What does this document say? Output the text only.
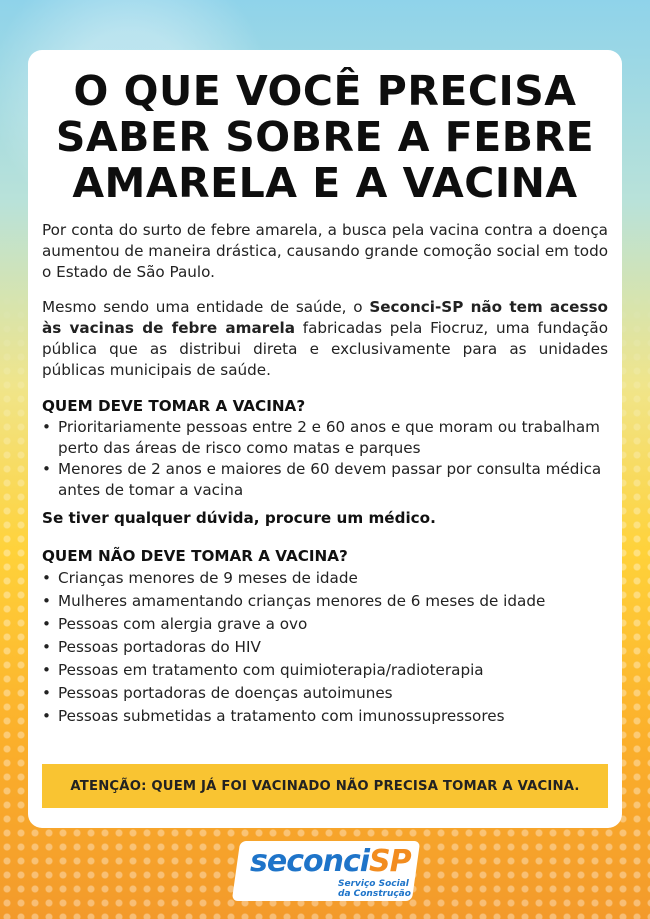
O QUE VOCÊ PRECISA
SABER SOBRE A FEBRE
AMARELA E A VACINA

Por conta do surto de febre amarela, a busca pela vacina contra a doença aumentou de maneira drástica, causando grande comoção social em todo o Estado de São Paulo.

Mesmo sendo uma entidade de saúde, o Seconci-SP não tem acesso às vacinas de febre amarela fabricadas pela Fiocruz, uma fundação pública que as distribui direta e exclusivamente para as unidades públicas municipais de saúde.

QUEM DEVE TOMAR A VACINA?
• Prioritariamente pessoas entre 2 e 60 anos e que moram ou trabalham perto das áreas de risco como matas e parques
• Menores de 2 anos e maiores de 60 devem passar por consulta médica antes de tomar a vacina
Se tiver qualquer dúvida, procure um médico.
QUEM NÃO DEVE TOMAR A VACINA?
• Crianças menores de 9 meses de idade
• Mulheres amamentando crianças menores de 6 meses de idade
• Pessoas com alergia grave a ovo
• Pessoas portadoras do HIV
• Pessoas em tratamento com quimioterapia/radioterapia
• Pessoas portadoras de doenças autoimunes
• Pessoas submetidas a tratamento com imunossupressores
ATENÇÃO: QUEM JÁ FOI VACINADO NÃO PRECISA TOMAR A VACINA.
seconciSP
Serviço Social
da Construção
